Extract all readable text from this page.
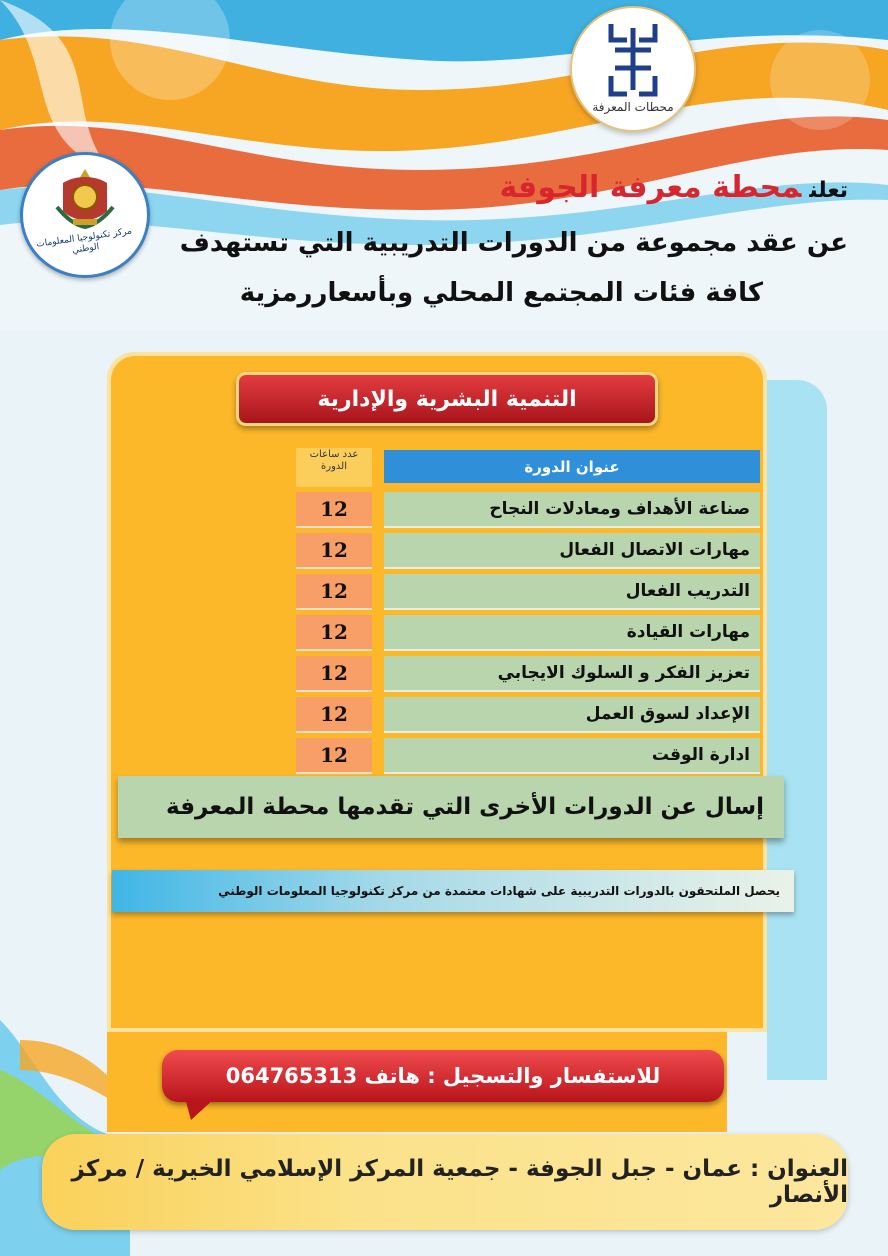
محطات المعرفة
مركز تكنولوجيا المعلومات الوطني
تعلنمحطة معرفة الجوفة
عن عقد مجموعة من الدورات التدريبية التي تستهدف
كافة فئات المجتمع المحلي وبأسعاررمزية
التنمية البشرية والإدارية
عنوان الدورة
عدد ساعات الدورة
صناعة الأهداف ومعادلات النجاح
12
مهارات الاتصال الفعال
12
التدريب الفعال
12
مهارات القيادة
12
تعزيز الفكر و السلوك الايجابي
12
الإعداد لسوق العمل
12
ادارة الوقت
12
إسال عن الدورات الأخرى التي تقدمها محطة المعرفة
يحصل الملتحقون بالدورات التدريبية على شهادات معتمدة من مركز تكنولوجيا المعلومات الوطني
للاستفسار والتسجيل : هاتف 064765313
العنوان : عمان - جبل الجوفة - جمعية المركز الإسلامي الخيرية / مركز الأنصار
